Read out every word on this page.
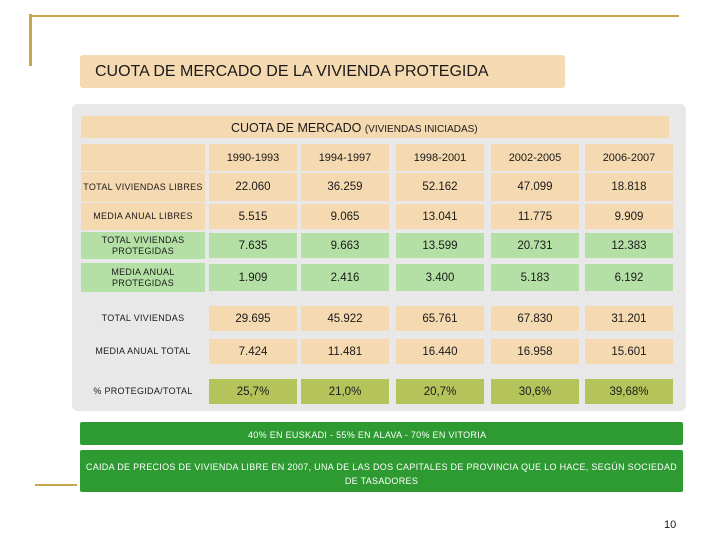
CUOTA DE MERCADO DE LA VIVIENDA PROTEGIDA
CUOTA DE MERCADO (VIVIENDAS INICIADAS)
1990-1993	1994-1997	1998-2001	2002-2005	2006-2007
TOTAL VIVIENDAS LIBRES	22.060	36.259	52.162	47.099	18.818
MEDIA ANUAL LIBRES	5.515	9.065	13.041	11.775	9.909
TOTAL VIVIENDAS PROTEGIDAS	7.635	9.663	13.599	20.731	12.383
MEDIA ANUAL PROTEGIDAS	1.909	2.416	3.400	5.183	6.192
TOTAL VIVIENDAS	29.695	45.922	65.761	67.830	31.201
MEDIA ANUAL TOTAL	7.424	11.481	16.440	16.958	15.601
% PROTEGIDA/TOTAL	25,7%	21,0%	20,7%	30,6%	39,68%
40% EN EUSKADI - 55% EN ALAVA - 70% EN VITORIA
CAIDA DE PRECIOS DE VIVIENDA LIBRE EN 2007, UNA DE LAS DOS CAPITALES DE PROVINCIA QUE LO HACE, SEGÚN SOCIEDAD DE TASADORES
10
